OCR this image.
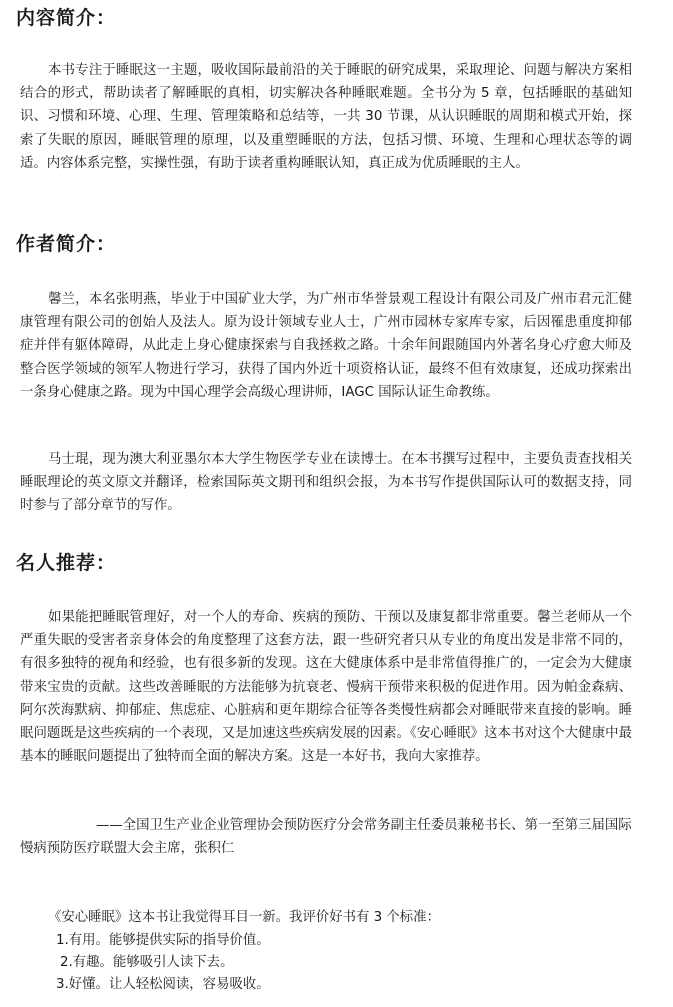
内容简介：

本书专注于睡眠这一主题，吸收国际最前沿的关于睡眠的研究成果，采取理论、问题与解决方案相结合的形式，帮助读者了解睡眠的真相，切实解决各种睡眠难题。全书分为 5 章，包括睡眠的基础知识、习惯和环境、心理、生理、管理策略和总结等，一共 30 节课，从认识睡眠的周期和模式开始，探索了失眠的原因，睡眠管理的原理，以及重塑睡眠的方法，包括习惯、环境、生理和心理状态等的调适。内容体系完整，实操性强，有助于读者重构睡眠认知，真正成为优质睡眠的主人。

作者简介：

馨兰，本名张明燕，毕业于中国矿业大学，为广州市华誉景观工程设计有限公司及广州市君元汇健康管理有限公司的创始人及法人。原为设计领域专业人士，广州市园林专家库专家，后因罹患重度抑郁症并伴有躯体障碍，从此走上身心健康探索与自我拯救之路。十余年间跟随国内外著名身心疗愈大师及整合医学领域的领军人物进行学习，获得了国内外近十项资格认证，最终不但有效康复，还成功探索出一条身心健康之路。现为中国心理学会高级心理讲师，IAGC 国际认证生命教练。

马士琨，现为澳大利亚墨尔本大学生物医学专业在读博士。在本书撰写过程中，主要负责查找相关睡眠理论的英文原文并翻译，检索国际英文期刊和组织会报，为本书写作提供国际认可的数据支持，同时参与了部分章节的写作。

名人推荐：

如果能把睡眠管理好，对一个人的寿命、疾病的预防、干预以及康复都非常重要。馨兰老师从一个严重失眠的受害者亲身体会的角度整理了这套方法，跟一些研究者只从专业的角度出发是非常不同的，有很多独特的视角和经验，也有很多新的发现。这在大健康体系中是非常值得推广的，一定会为大健康带来宝贵的贡献。这些改善睡眠的方法能够为抗衰老、慢病干预带来积极的促进作用。因为帕金森病、阿尔茨海默病、抑郁症、焦虑症、心脏病和更年期综合征等各类慢性病都会对睡眠带来直接的影响。睡眠问题既是这些疾病的一个表现，又是加速这些疾病发展的因素。《安心睡眠》这本书对这个大健康中最基本的睡眠问题提出了独特而全面的解决方案。这是一本好书，我向大家推荐。

——全国卫生产业企业管理协会预防医疗分会常务副主任委员兼秘书长、第一至第三届国际慢病预防医疗联盟大会主席，张积仁

《安心睡眠》这本书让我觉得耳目一新。我评价好书有 3 个标准：

1.有用。能够提供实际的指导价值。
2.有趣。能够吸引人读下去。
3.好懂。让人轻松阅读，容易吸收。
